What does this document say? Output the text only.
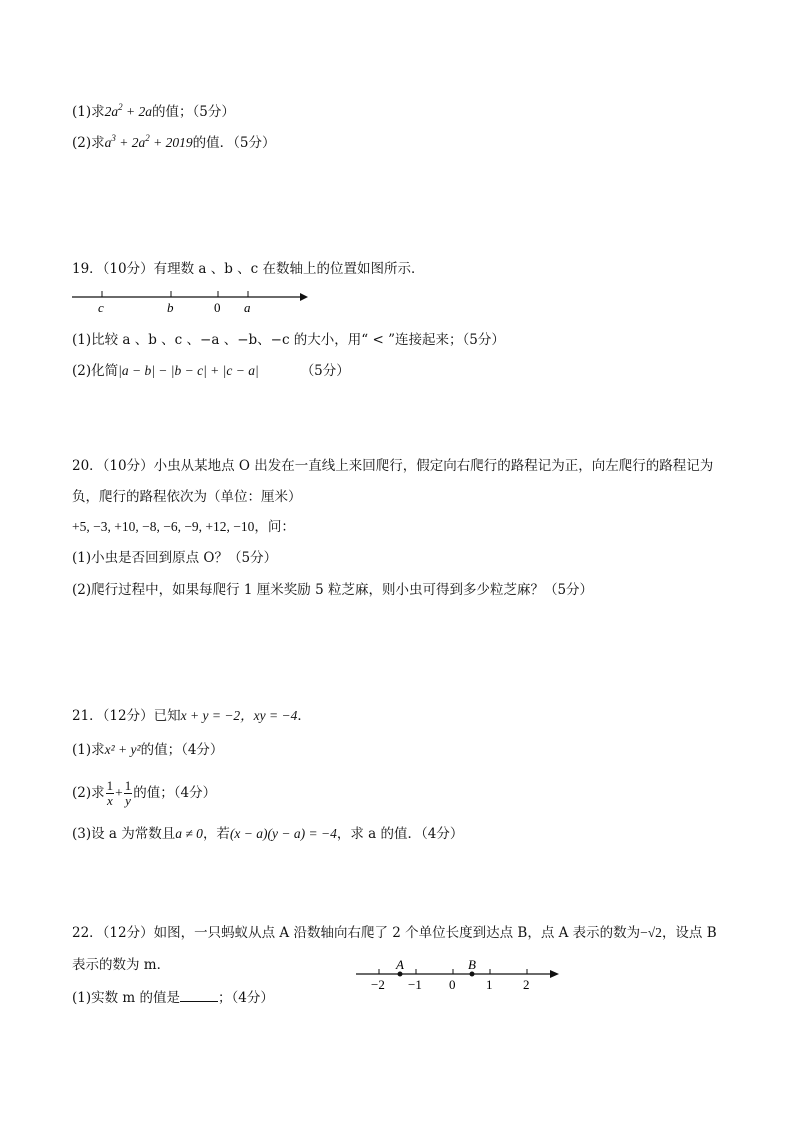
(1)求$2a^2 + 2a$的值；（5分）
(2)求$a^3 + 2a^2 + 2019$的值．（5分）
19．（10分）有理数 a 、b 、c 在数轴上的位置如图所示．
c	b	0 a
(1)比较 a 、b 、c 、−a 、−b、−c 的大小，用“ < ”连接起来；（5分）
(2)化简|a − b| − |b − c| + |c − a|	（5分）
20．（10分）小虫从某地点 O 出发在一直线上来回爬行，假定向右爬行的路程记为正，向左爬行的路程记为
负，爬行的路程依次为（单位：厘米）
+5, −3, +10, −8, −6, −9, +12, −10，问：
(1)小虫是否回到原点 O？（5分）
(2)爬行过程中，如果每爬行 1 厘米奖励 5 粒芝麻，则小虫可得到多少粒芝麻？（5分）
21．（12分）已知x + y = −2，xy = −4．
(1)求x² + y²的值；（4分）
(2)求 $\frac{1}{x} + \frac{1}{y}$ 的值；（4分）
(3)设 a 为常数且a ≠ 0，若(x − a)(y − a) = −4，求 a 的值．（4分）
22．（12分）如图，一只蚂蚁从点 A 沿数轴向右爬了 2 个单位长度到达点 B，点 A 表示的数为−√2，设点 B
表示的数为 m．	A	B
−2 −1 0 1 2
(1)实数 m 的值是	；（4分）
